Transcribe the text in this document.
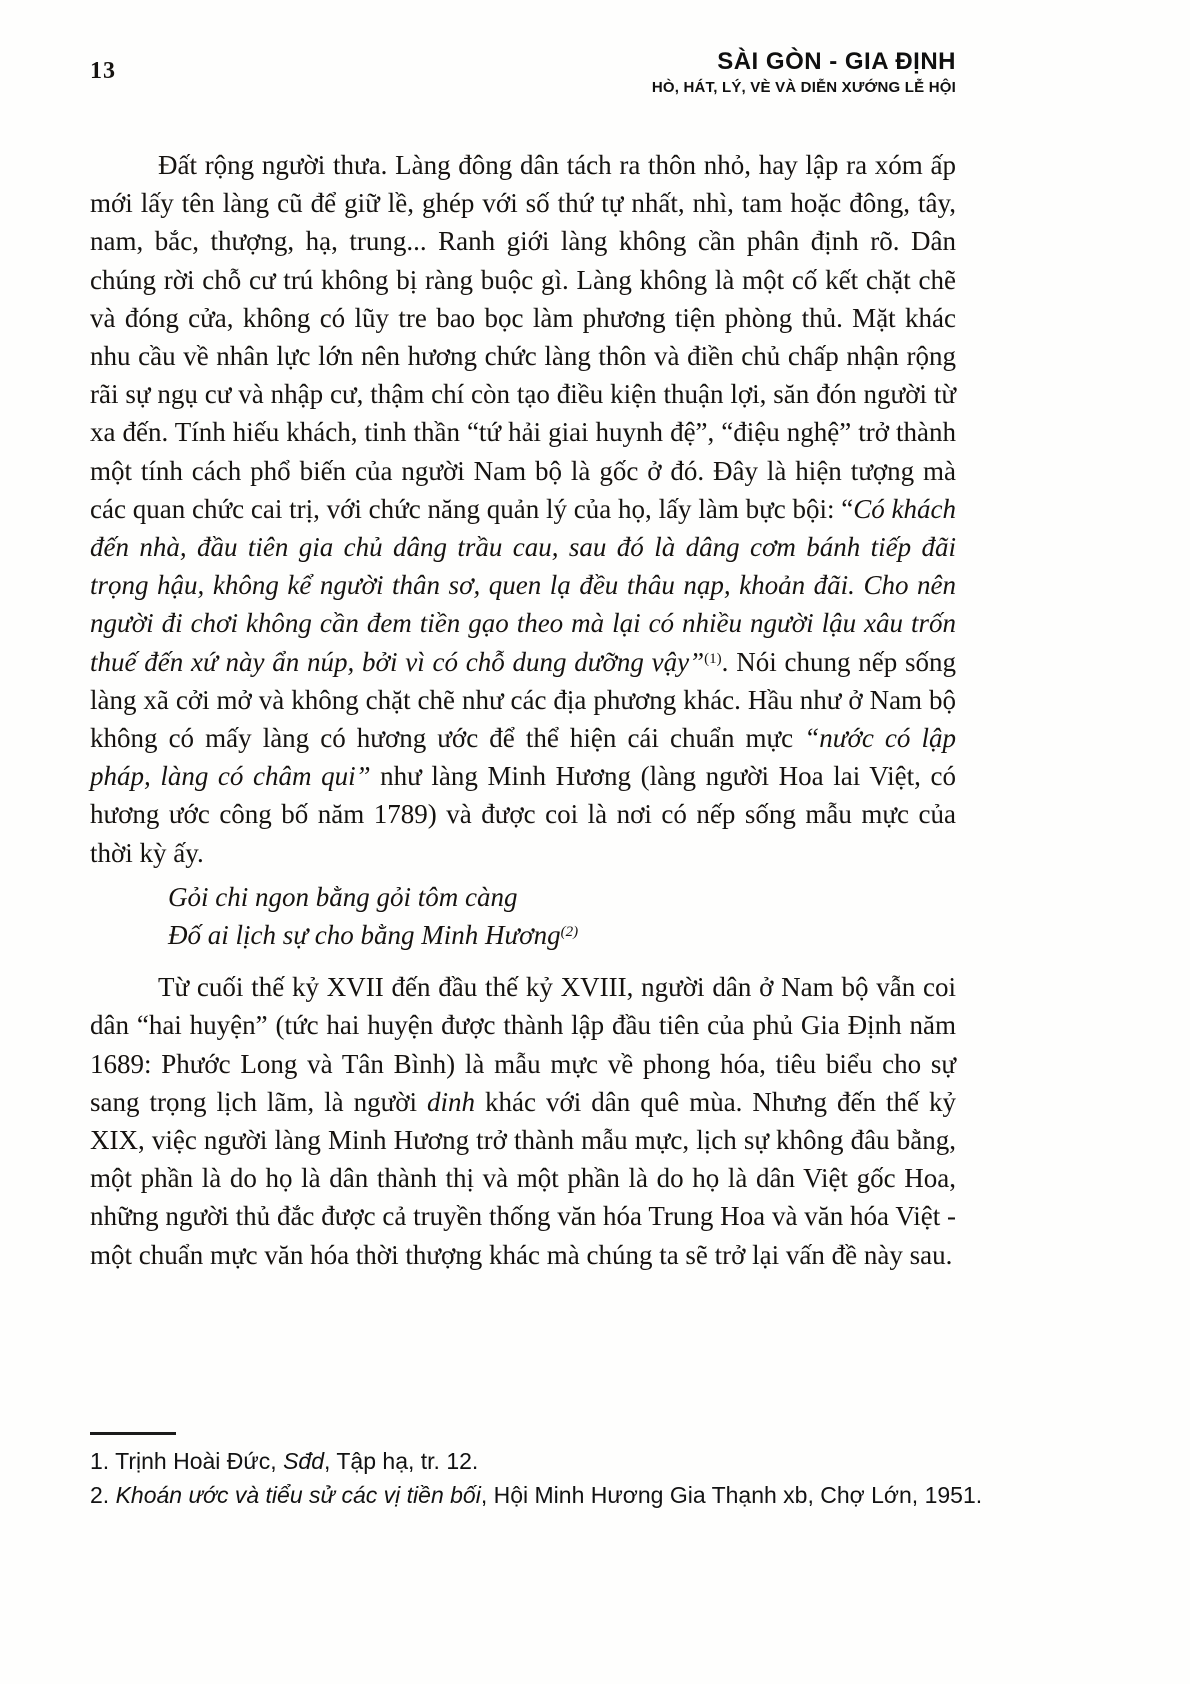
13	SÀI GÒN - GIA ĐỊNH
HÒ, HÁT, LÝ, VÈ VÀ DIỄN XƯỚNG LỄ HỘI

Đất rộng người thưa. Làng đông dân tách ra thôn nhỏ, hay lập ra xóm ấp mới lấy tên làng cũ để giữ lề, ghép với số thứ tự nhất, nhì, tam hoặc đông, tây, nam, bắc, thượng, hạ, trung... Ranh giới làng không cần phân định rõ. Dân chúng rời chỗ cư trú không bị ràng buộc gì. Làng không là một cố kết chặt chẽ và đóng cửa, không có lũy tre bao bọc làm phương tiện phòng thủ. Mặt khác nhu cầu về nhân lực lớn nên hương chức làng thôn và điền chủ chấp nhận rộng rãi sự ngụ cư và nhập cư, thậm chí còn tạo điều kiện thuận lợi, săn đón người từ xa đến. Tính hiếu khách, tinh thần “tứ hải giai huynh đệ”, “điệu nghệ” trở thành một tính cách phổ biến của người Nam bộ là gốc ở đó. Đây là hiện tượng mà các quan chức cai trị, với chức năng quản lý của họ, lấy làm bực bội: “Có khách đến nhà, đầu tiên gia chủ dâng trầu cau, sau đó là dâng cơm bánh tiếp đãi trọng hậu, không kể người thân sơ, quen lạ đều thâu nạp, khoản đãi. Cho nên người đi chơi không cần đem tiền gạo theo mà lại có nhiều người lậu xâu trốn thuế đến xứ này ẩn núp, bởi vì có chỗ dung dưỡng vậy”$^{(1)}$. Nói chung nếp sống làng xã cởi mở và không chặt chẽ như các địa phương khác. Hầu như ở Nam bộ không có mấy làng có hương ước để thể hiện cái chuẩn mực “nước có lập pháp, làng có châm qui” như làng Minh Hương (làng người Hoa lai Việt, có hương ước công bố năm 1789) và được coi là nơi có nếp sống mẫu mực của thời kỳ ấy.

Gỏi chi ngon bằng gỏi tôm càng
Đố ai lịch sự cho bằng Minh Hương$^{(2)}$

Từ cuối thế kỷ XVII đến đầu thế kỷ XVIII, người dân ở Nam bộ vẫn coi dân “hai huyện” (tức hai huyện được thành lập đầu tiên của phủ Gia Định năm 1689: Phước Long và Tân Bình) là mẫu mực về phong hóa, tiêu biểu cho sự sang trọng lịch lãm, là người dinh khác với dân quê mùa. Nhưng đến thế kỷ XIX, việc người làng Minh Hương trở thành mẫu mực, lịch sự không đâu bằng, một phần là do họ là dân thành thị và một phần là do họ là dân Việt gốc Hoa, những người thủ đắc được cả truyền thống văn hóa Trung Hoa và văn hóa Việt - một chuẩn mực văn hóa thời thượng khác mà chúng ta sẽ trở lại vấn đề này sau.

1. Trịnh Hoài Đức, Sđd, Tập hạ, tr. 12.

2. Khoán ước và tiểu sử các vị tiền bối, Hội Minh Hương Gia Thạnh xb, Chợ Lớn, 1951.
